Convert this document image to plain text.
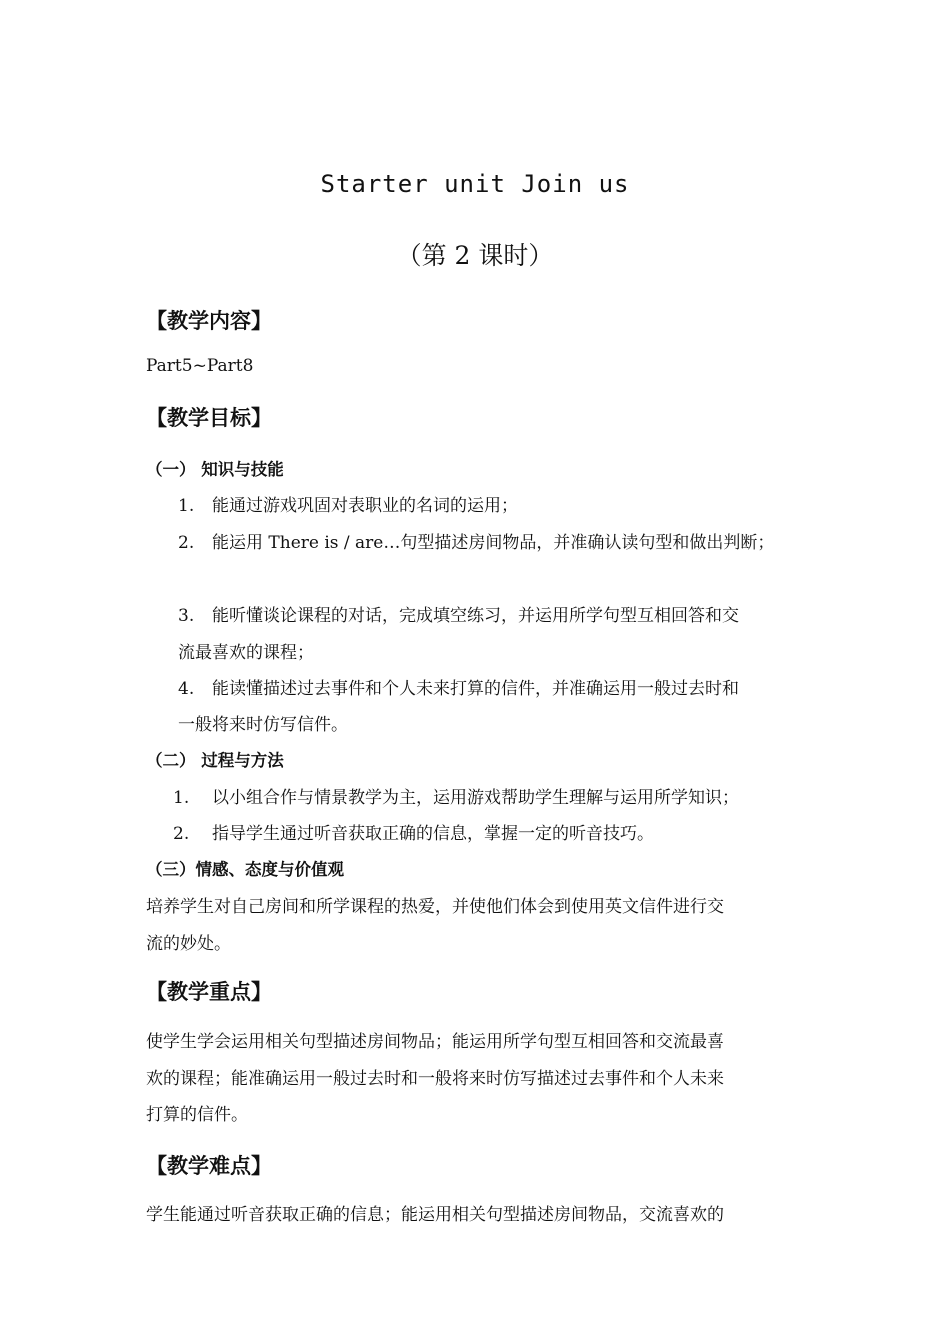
Starter unit Join us
（第 2 课时）
【教学内容】
Part5~Part8
【教学目标】
（一） 知识与技能
1. 能通过游戏巩固对表职业的名词的运用；
2. 能运用 There is / are…句型描述房间物品，并准确认读句型和做出判断；
3. 能听懂谈论课程的对话，完成填空练习，并运用所学句型互相回答和交
流最喜欢的课程；
4. 能读懂描述过去事件和个人未来打算的信件，并准确运用一般过去时和
一般将来时仿写信件。
（二） 过程与方法
1. 以小组合作与情景教学为主，运用游戏帮助学生理解与运用所学知识；
2. 指导学生通过听音获取正确的信息，掌握一定的听音技巧。
（三）情感、态度与价值观
培养学生对自己房间和所学课程的热爱，并使他们体会到使用英文信件进行交
流的妙处。
【教学重点】
使学生学会运用相关句型描述房间物品；能运用所学句型互相回答和交流最喜
欢的课程；能准确运用一般过去时和一般将来时仿写描述过去事件和个人未来
打算的信件。
【教学难点】
学生能通过听音获取正确的信息；能运用相关句型描述房间物品，交流喜欢的
